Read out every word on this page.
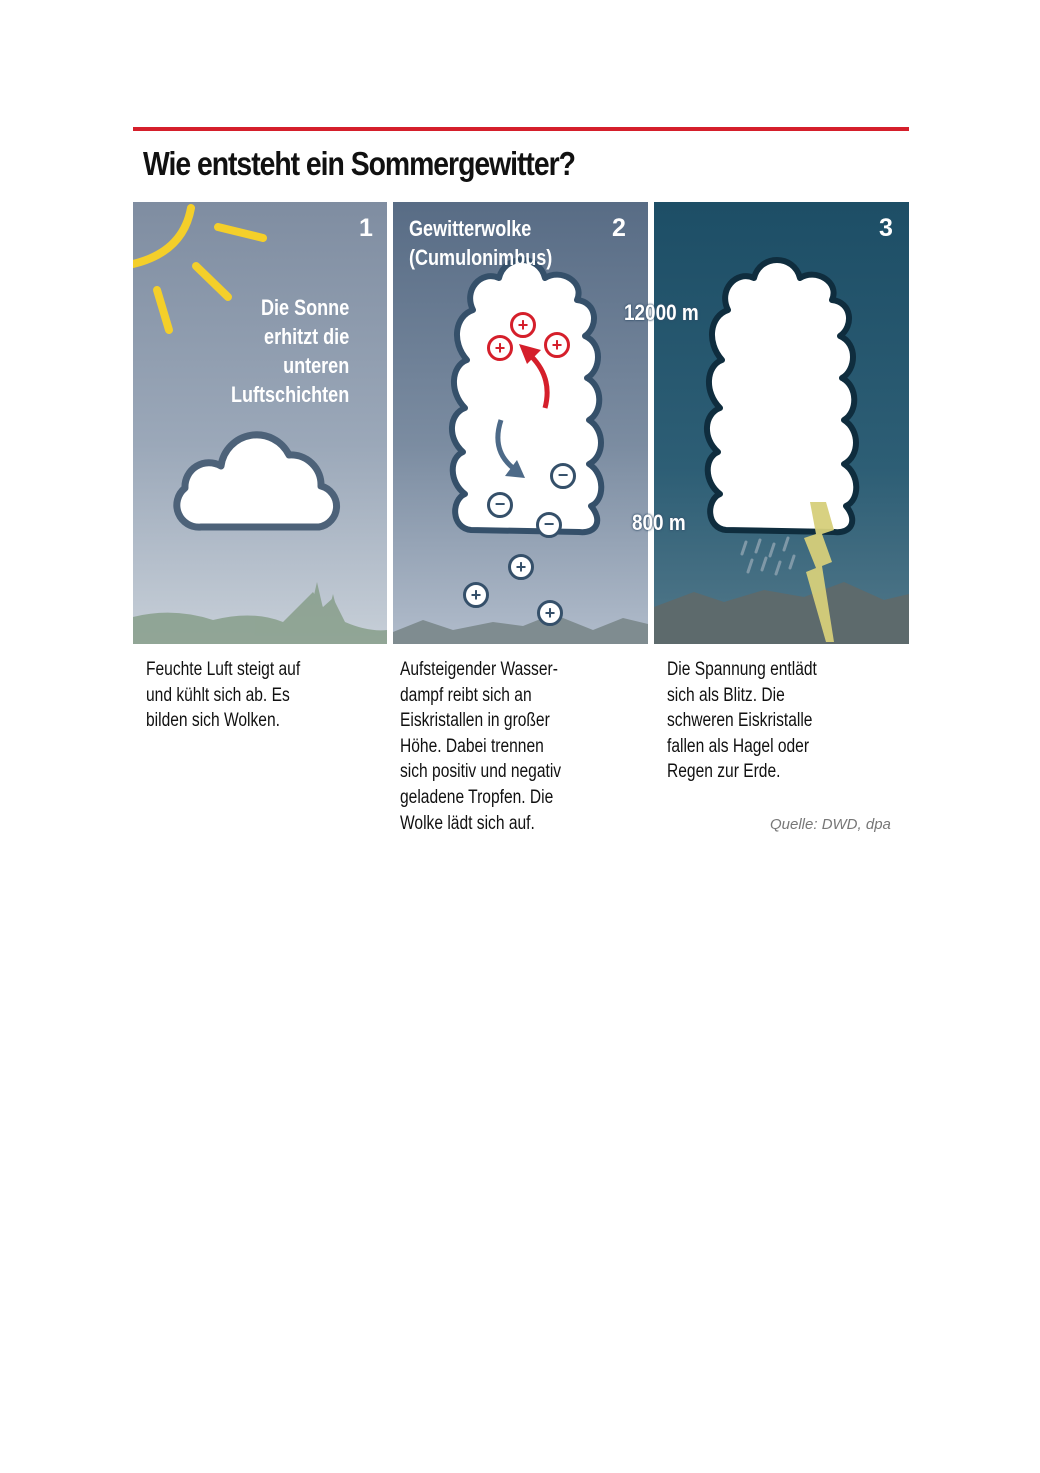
Wie entsteht ein Sommergewitter?
1
Die Sonne
erhitzt die
unteren
Luftschichten
+
+	+
−
−
−
+
+
+
2
Gewitterwolke
(Cumulonimbus)
3
12000 m
800 m
Feuchte Luft steigt auf
und kühlt sich ab. Es
bilden sich Wolken.
Aufsteigender Wasser-
dampf reibt sich an
Eiskristallen in großer
Höhe. Dabei trennen
sich positiv und negativ
geladene Tropfen. Die
Wolke lädt sich auf.
Die Spannung entlädt
sich als Blitz. Die
schweren Eiskristalle
fallen als Hagel oder
Regen zur Erde.
Quelle: DWD, dpa
